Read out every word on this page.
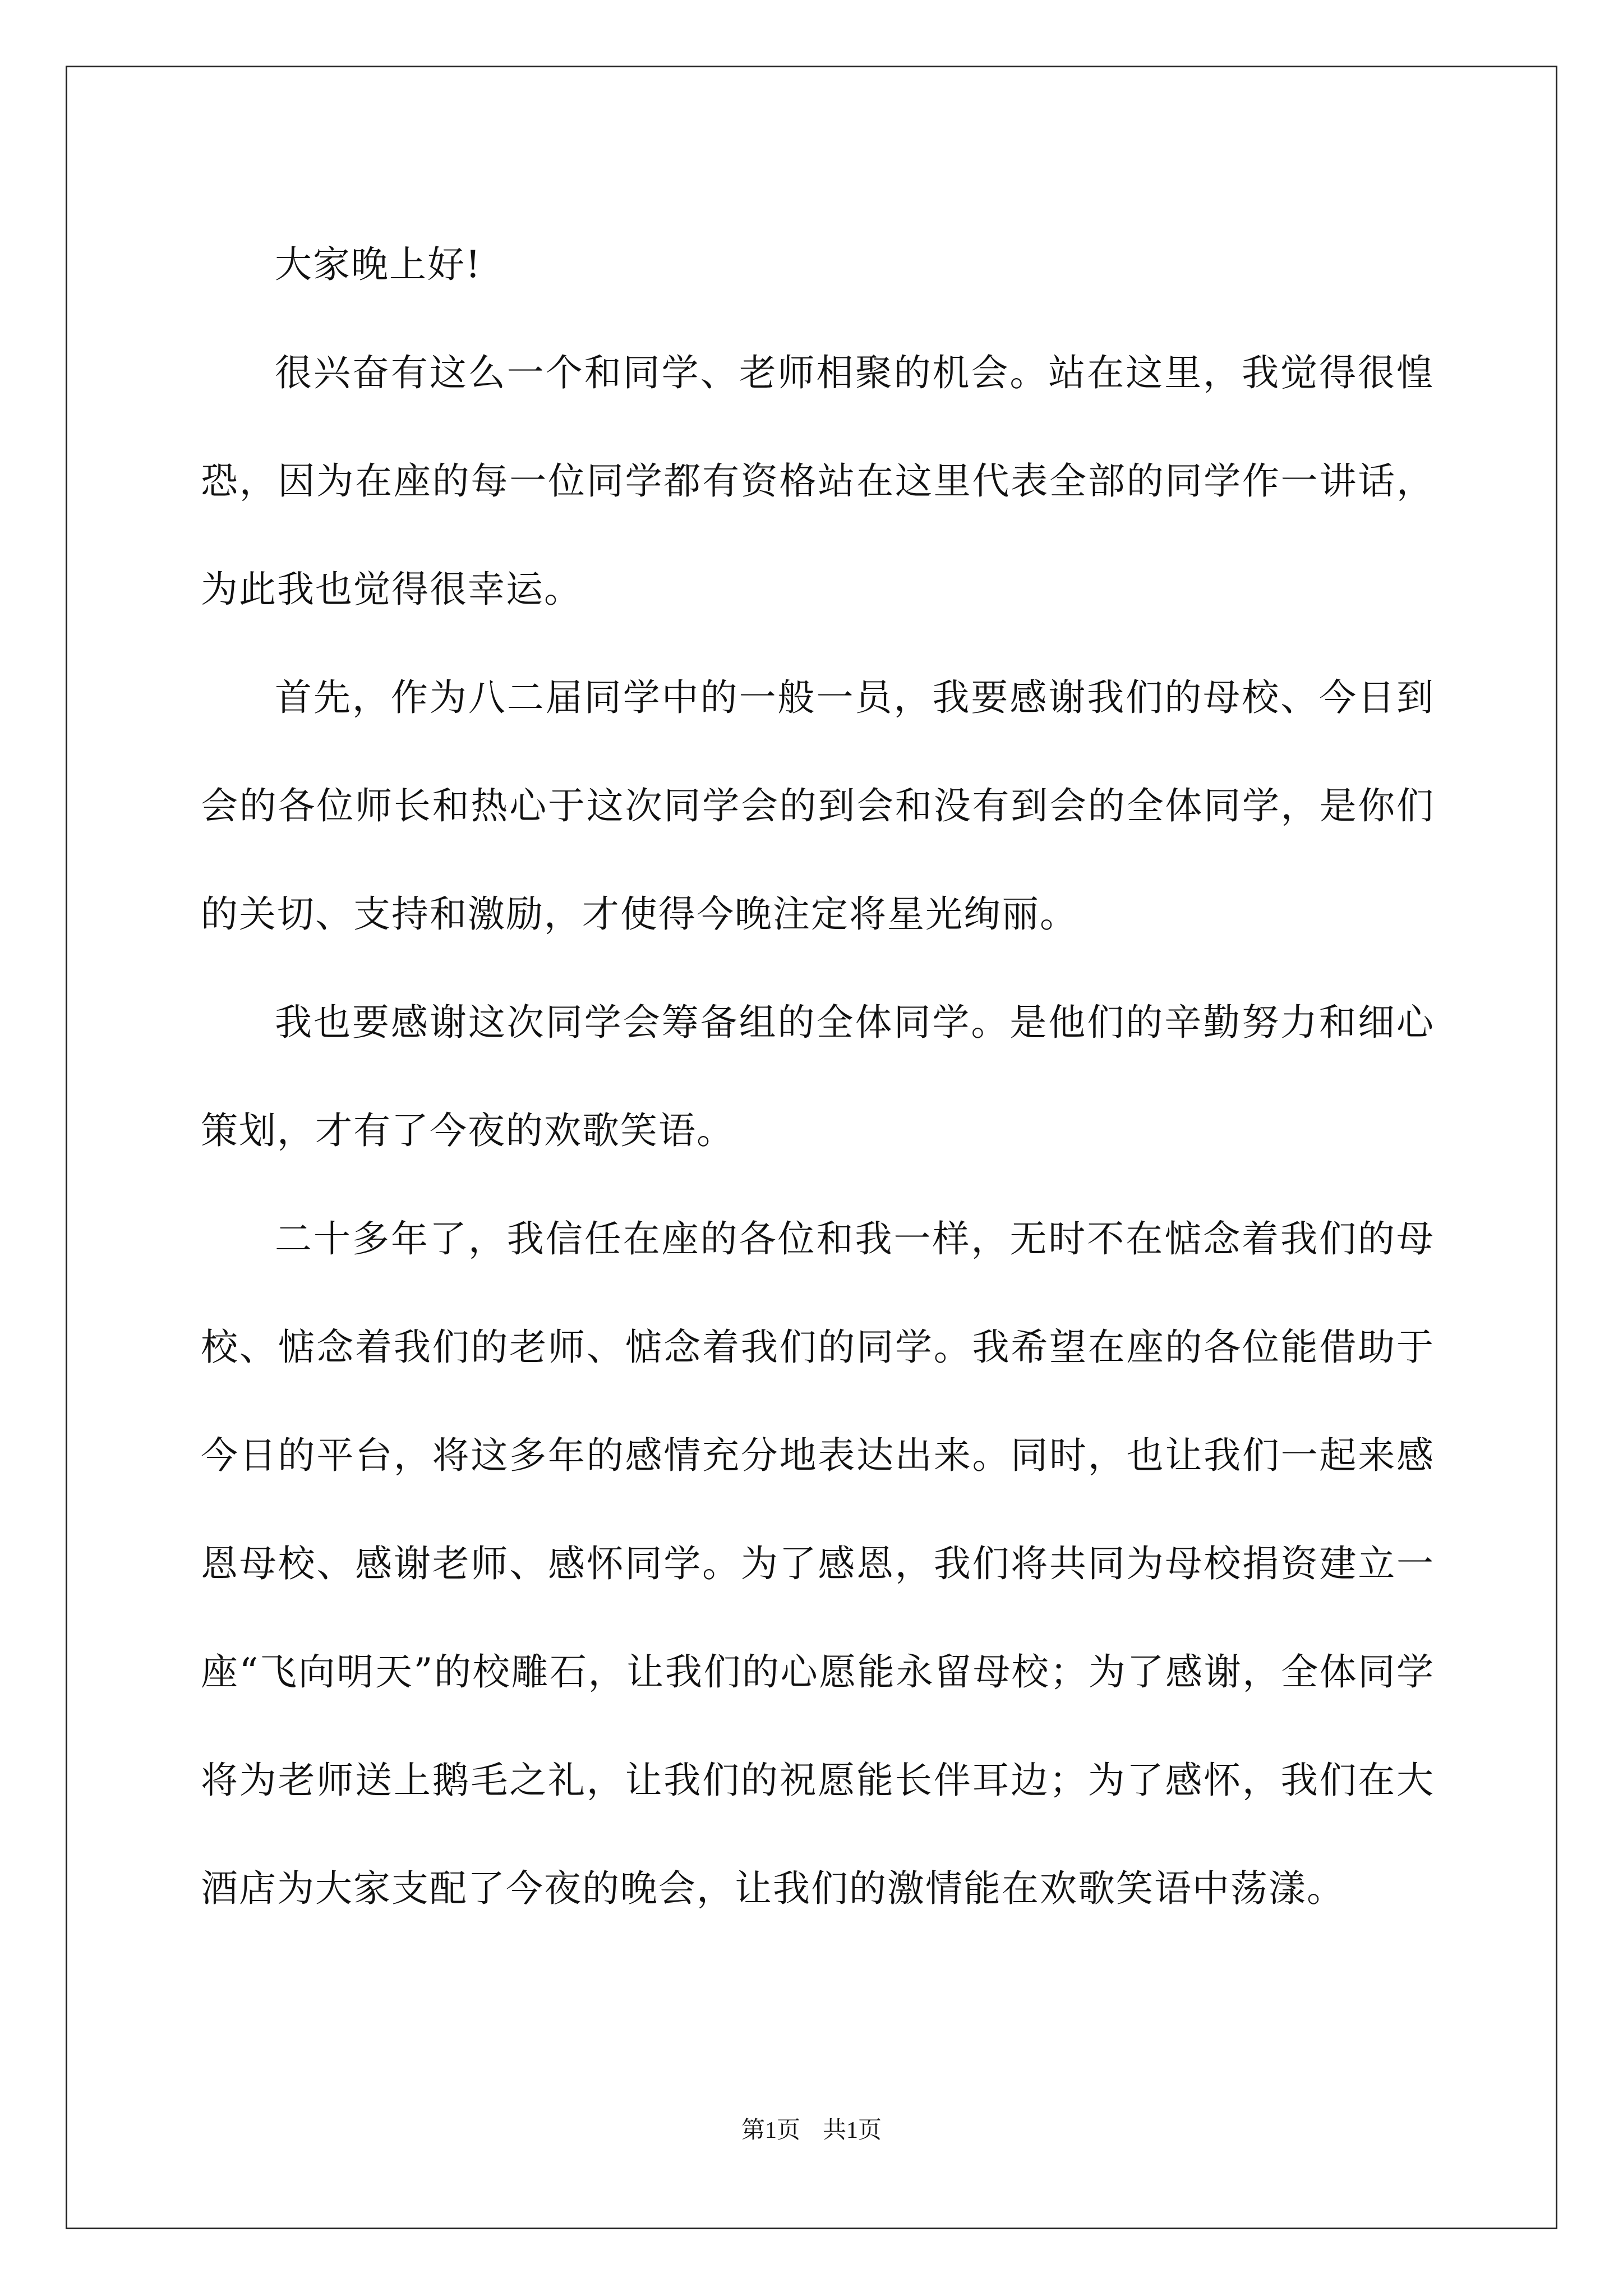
大家晚上好!

很兴奋有这么一个和同学、老师相聚的机会。站在这里，我觉得很惶恐，因为在座的每一位同学都有资格站在这里代表全部的同学作一讲话，为此我也觉得很幸运。

首先，作为八二届同学中的一般一员，我要感谢我们的母校、今日到会的各位师长和热心于这次同学会的到会和没有到会的全体同学，是你们的关切、支持和激励，才使得今晚注定将星光绚丽。

我也要感谢这次同学会筹备组的全体同学。是他们的辛勤努力和细心策划，才有了今夜的欢歌笑语。

二十多年了，我信任在座的各位和我一样，无时不在惦念着我们的母校、惦念着我们的老师、惦念着我们的同学。我希望在座的各位能借助于今日的平台，将这多年的感情充分地表达出来。同时，也让我们一起来感恩母校、感谢老师、感怀同学。为了感恩，我们将共同为母校捐资建立一座“飞向明天”的校雕石，让我们的心愿能永留母校；为了感谢，全体同学将为老师送上鹅毛之礼，让我们的祝愿能长伴耳边；为了感怀，我们在大酒店为大家支配了今夜的晚会，让我们的激情能在欢歌笑语中荡漾。

第1页 共1页
